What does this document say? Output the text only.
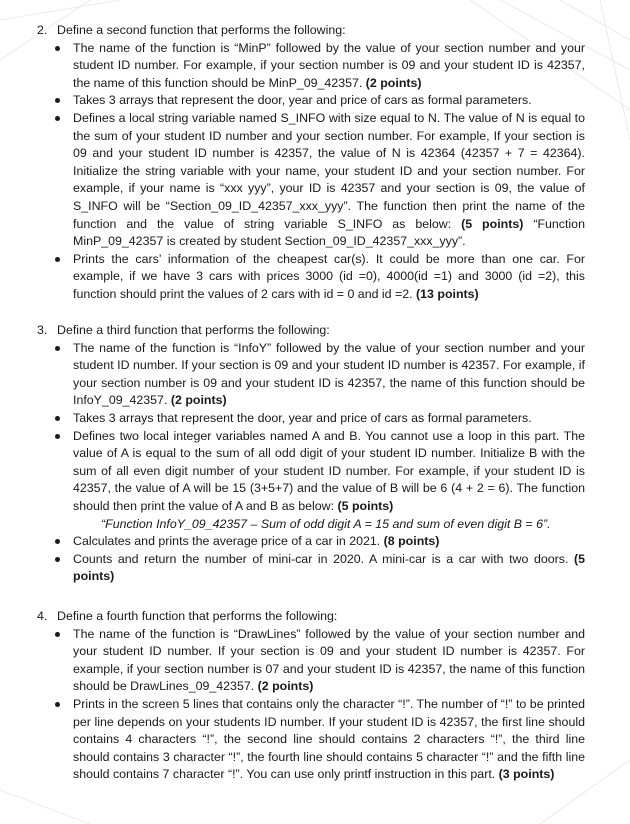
2. Define a second function that performs the following:
The name of the function is “MinP” followed by the value of your section number and your student ID number. For example, if your section number is 09 and your student ID is 42357, the name of this function should be MinP_09_42357. (2 points)
Takes 3 arrays that represent the door, year and price of cars as formal parameters.
Defines a local string variable named S_INFO with size equal to N. The value of N is equal to the sum of your student ID number and your section number. For example, If your section is 09 and your student ID number is 42357, the value of N is 42364 (42357 + 7 = 42364). Initialize the string variable with your name, your student ID and your section number. For example, if your name is “xxx yyy”, your ID is 42357 and your section is 09, the value of S_INFO will be “Section_09_ID_42357_xxx_yyy”. The function then print the name of the function and the value of string variable S_INFO as below: (5 points) “Function MinP_09_42357 is created by student Section_09_ID_42357_xxx_yyy”.
Prints the cars’ information of the cheapest car(s). It could be more than one car. For example, if we have 3 cars with prices 3000 (id =0), 4000(id =1) and 3000 (id =2), this function should print the values of 2 cars with id = 0 and id =2. (13 points)
3. Define a third function that performs the following:
The name of the function is “InfoY” followed by the value of your section number and your student ID number. If your section is 09 and your student ID number is 42357. For example, if your section number is 09 and your student ID is 42357, the name of this function should be InfoY_09_42357. (2 points)
Takes 3 arrays that represent the door, year and price of cars as formal parameters.
Defines two local integer variables named A and B. You cannot use a loop in this part. The value of A is equal to the sum of all odd digit of your student ID number. Initialize B with the sum of all even digit number of your student ID number. For example, if your student ID is 42357, the value of A will be 15 (3+5+7) and the value of B will be 6 (4 + 2 = 6). The function should then print the value of A and B as below: (5 points)
“Function InfoY_09_42357 – Sum of odd digit A = 15 and sum of even digit B = 6”.
Calculates and prints the average price of a car in 2021. (8 points)
Counts and return the number of mini-car in 2020. A mini-car is a car with two doors. (5 points)
4. Define a fourth function that performs the following:
The name of the function is “DrawLines” followed by the value of your section number and your student ID number. If your section is 09 and your student ID number is 42357. For example, if your section number is 07 and your student ID is 42357, the name of this function should be DrawLines_09_42357. (2 points)
Prints in the screen 5 lines that contains only the character “!”. The number of “!” to be printed per line depends on your students ID number. If your student ID is 42357, the first line should contains 4 characters “!”, the second line should contains 2 characters “!”, the third line should contains 3 character “!”, the fourth line should contains 5 character “!” and the fifth line should contains 7 character “!”. You can use only printf instruction in this part. (3 points)
